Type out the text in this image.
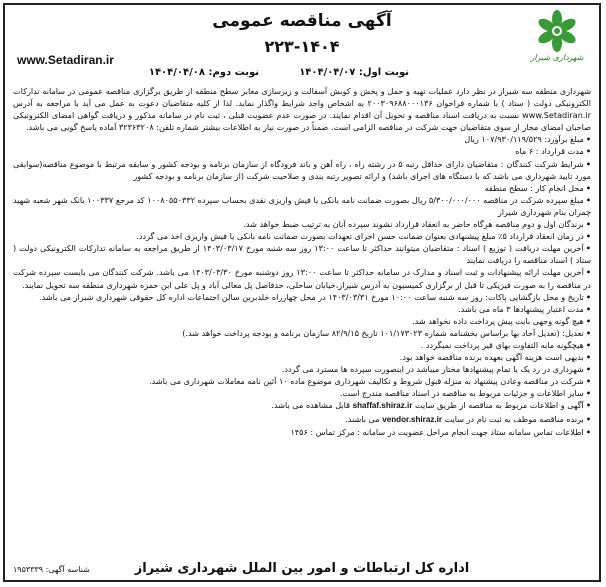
آگهی مناقصه عمومی
۲۲۳-۱۴۰۴
www.Setadiran.ir	شهرداری شیراز
نوبت اول: ۱۴۰۴/۰۴/۰۷
نوبت دوم: ۱۴۰۴/۰۴/۰۸

شهرداری منطقه سه شیراز در نظر دارد عملیات تهیه و حمل و پخش و کوبش آسفالت و زیرسازی معابر سطح منطقه از طریق برگزاری مناقصه عمومی در سامانه تدارکات الکترونیکی دولت ( ستاد ) با شماره فراخوان ۲۰۰۳۰۹۶۸۸۰۰۰۱۳۶ به اشخاص واجد شرایط واگذار نماید. لذا از کلیه متقاضیان دعوت به عمل می آید با مراجعه به آدرس www.Setadiran.ir نسبت به دریافت اسناد مناقصه و تحویل آن اقدام نمایند. در صورت عدم عضویت قبلی ، ثبت نام در سامانه مذکور و دریافت گواهی امضای الکترونیکی صاحبان امضای مجاز از سوی متقاضیان جهت شرکت در مناقصه الزامی است. ضمناً در صورت نیاز به اطلاعات بیشتر شماره تلفن: ۳۲۳۶۳۲۰۸ آماده پاسخ گویی می باشد.

•مبلغ برآورد: ۱۰۷/۹۳۰/۱۱۹/۵۲۹ ریال

•مدت قرارداد : ۶ ماه

•شرایط شرکت کنندگان : متقاضیان دارای حداقل رتبه ۵ در رشته راه ، راه آهن و باند فرودگاه از سازمان برنامه و بودجه کشور و سابقه مرتبط با موضوع مناقصه(سوابقی مورد تایید شهرداری می باشد که با دستگاه های اجرای باشد) و ارائه تصویر رتبه بندی و صلاحیت شرکت (از سازمان برنامه و بودجه کشور

•محل انجام کار : سطح منطقه

•مبلغ سپرده شرکت در مناقصه ۵/۳۰۰/۰۰۰/۰۰۰ ریال بصورت ضمانت نامه بانکی یا فیش واریزی نقدی بحساب سپرده ۱۰۰۸۰۵۵۰۳۳۲ کد مرجع ۱۰۰۳۳۷ بانک شهر شعبه شهید چمران بنام شهرداری شیراز

•برندگان اول و دوم مناقصه هرگاه حاضر به انعقاد قرارداد نشوند سپرده آنان به ترتیب ضبط خواهد شد.

•در زمان انعقاد قرارداد ۵٪ مبلغ پیشنهادی بعنوان ضمانت حسن اجرای تعهدات بصورت ضمانت نامه بانکی یا فیش واریزی اخذ می گردد.

•آخرین مهلت دریافت ( توزیع ) اسناد : متقاضیان میتوانند حداکثر تا ساعت ۱۳:۰۰ روز سه شنبه مورخ ۱۴۰۳/۰۳/۱۷ از طریق مراجعه به سامانه تدارکات الکترونیکی دولت ( ستاد ) اسناد مناقصه را دریافت نمایند

•آخرین مهلت ارائه پیشنهادات و ثبت اسناد و مدارک در سامانه حداکثر تا ساعت ۱۳:۰۰ روز دوشنبه مورخ ۱۴۰۳/۰۳/۳۰ می باشد. شرکت کنندگان می بایست سپرده شرکت در مناقصه را به صورت فیزیکی تا قبل از برگزاری کمیسیون به آدرس شیراز،خیابان ساحلی، حدفاصل پل معالی آباد و پل علی ابن حمزه شهرداری منطقه سه تحویل نمایند.

•تاریخ و محل بازگشایی پاکات: روز سه شنبه ساعت ۱۰:۰۰ مورخ ۱۴۰۳/۰۳/۳۱ در محل چهارراه خلدبرین سالن اجتماعات اداره کل حقوقی شهرداری شیراز می باشد.

•مدت اعتبار پیشنهادها ۳ ماه می باشد.

•هیچ گونه وجهی بابت پیش پرداخت داده نخواهد شد.

•تعدیل: (تعدیل آحاد بها براساس بخشنامه شماره ۱۰۱/۱۷۳۰۲۳ تاریخ ۸۲/۹/۱۵ سازمان برنامه و بودجه پرداخت خواهد شد.)

•هیچگونه مابه التفاوت بهای قیر پرداخت نمیگردد .

•بدیهی است هزینه آگهی بعهده برنده مناقصه خواهد بود.

•شهرداری در رد یک یا تمام پیشنهادها مختار میباشد در اینصورت سپرده ها مسترد می گردد.

•شرکت در مناقصه وعادن پیشنهاد به منزله قبول شروط و تکالیف شهرداری موضوع ماده ۱۰ آئین نامه معاملات شهرداری می باشد.

•سایر اطلاعات و جزئیات مربوط به مناقصه در اسناد مناقصه مندرج است.

•آگهی و اطلاعات مربوط به مناقصه از طریق سایت shaffaf.shiraz.ir قابل مشاهده می باشد.

•برنده مناقصه موظف به ثبت نام در سایت vendor.shiraz.ir می باشند.

•اطلاعات تماس سامانه ستاد جهت انجام مراحل عضویت در سامانه : مرکز تماس : ۱۴۵۶

شناسه آگهی: ۱۹۵۳۳۳۹	اداره کل ارتباطات و امور بین الملل شهرداری شیراز
